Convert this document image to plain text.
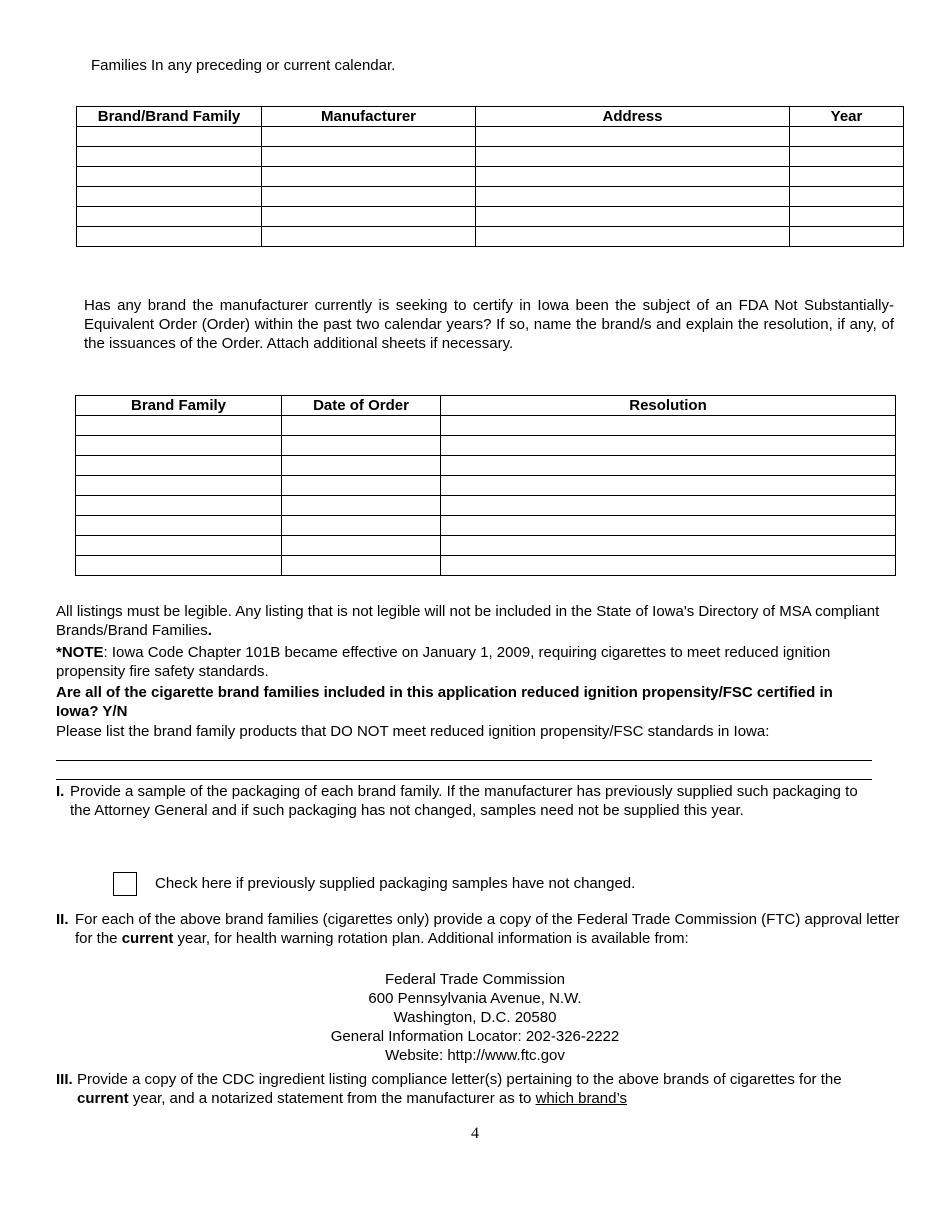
Families In any preceding or current calendar.
Brand/Brand Family	Manufacturer	Address	Year

Has any brand the manufacturer currently is seeking to certify in Iowa been the subject of an FDA Not Substantially-Equivalent Order (Order) within the past two calendar years? If so, name the brand/s and explain the resolution, if any, of the issuances of the Order. Attach additional sheets if necessary.
Brand Family	Date of Order	Resolution

All listings must be legible. Any listing that is not legible will not be included in the State of Iowa's Directory of MSA compliant Brands/Brand Families.
*NOTE: Iowa Code Chapter 101B became effective on January 1, 2009, requiring cigarettes to meet reduced ignition propensity fire safety standards.
Are all of the cigarette brand families included in this application reduced ignition propensity/FSC certified in Iowa? Y/N
Please list the brand family products that DO NOT meet reduced ignition propensity/FSC standards in Iowa:
I. Provide a sample of the packaging of each brand family. If the manufacturer has previously supplied such packaging to the Attorney General and if such packaging has not changed, samples need not be supplied this year.
Check here if previously supplied packaging samples have not changed.
II. For each of the above brand families (cigarettes only) provide a copy of the Federal Trade Commission (FTC) approval letter for the current year, for health warning rotation plan. Additional information is available from:
Federal Trade Commission
600 Pennsylvania Avenue, N.W.
Washington, D.C. 20580
General Information Locator: 202-326-2222
Website: http://www.ftc.gov
III. Provide a copy of the CDC ingredient listing compliance letter(s) pertaining to the above brands of cigarettes for the current year, and a notarized statement from the manufacturer as to which brand’s
4
